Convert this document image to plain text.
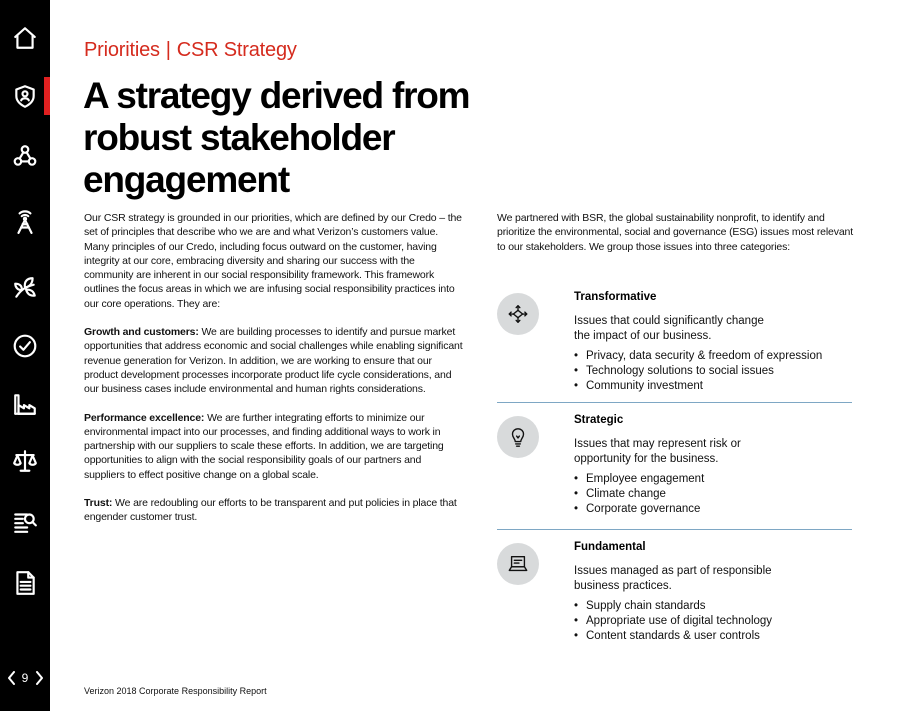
9
Priorities | CSR Strategy
A strategy derived from robust stakeholder engagement

Our CSR strategy is grounded in our priorities, which are defined by our Credo – the set of principles that describe who we are and what Verizon’s customers value. Many principles of our Credo, including focus outward on the customer, having integrity at our core, embracing diversity and sharing our success with the community are inherent in our social responsibility framework. This framework outlines the focus areas in which we are infusing social responsibility practices into our core operations. They are:

Growth and customers: We are building processes to identify and pursue market opportunities that address economic and social challenges while enabling significant revenue generation for Verizon. In addition, we are working to ensure that our product development processes incorporate product life cycle considerations, and our business cases include environmental and human rights considerations.

Performance excellence: We are further integrating efforts to minimize our environmental impact into our processes, and finding additional ways to work in partnership with our suppliers to scale these efforts. In addition, we are targeting opportunities to align with the social responsibility goals of our partners and suppliers to effect positive change on a global scale.

Trust: We are redoubling our efforts to be transparent and put policies in place that engender customer trust.

We partnered with BSR, the global sustainability nonprofit, to identify and prioritize the environmental, social and governance (ESG) issues most relevant to our stakeholders. We group those issues into three categories:

Transformative
Issues that could significantly change the impact of our business.
• Privacy, data security & freedom of expression
• Technology solutions to social issues
• Community investment
Strategic
Issues that may represent risk or opportunity for the business.
• Employee engagement
• Climate change
• Corporate governance
Fundamental
Issues managed as part of responsible business practices.
• Supply chain standards
• Appropriate use of digital technology
• Content standards & user controls
Verizon 2018 Corporate Responsibility Report
